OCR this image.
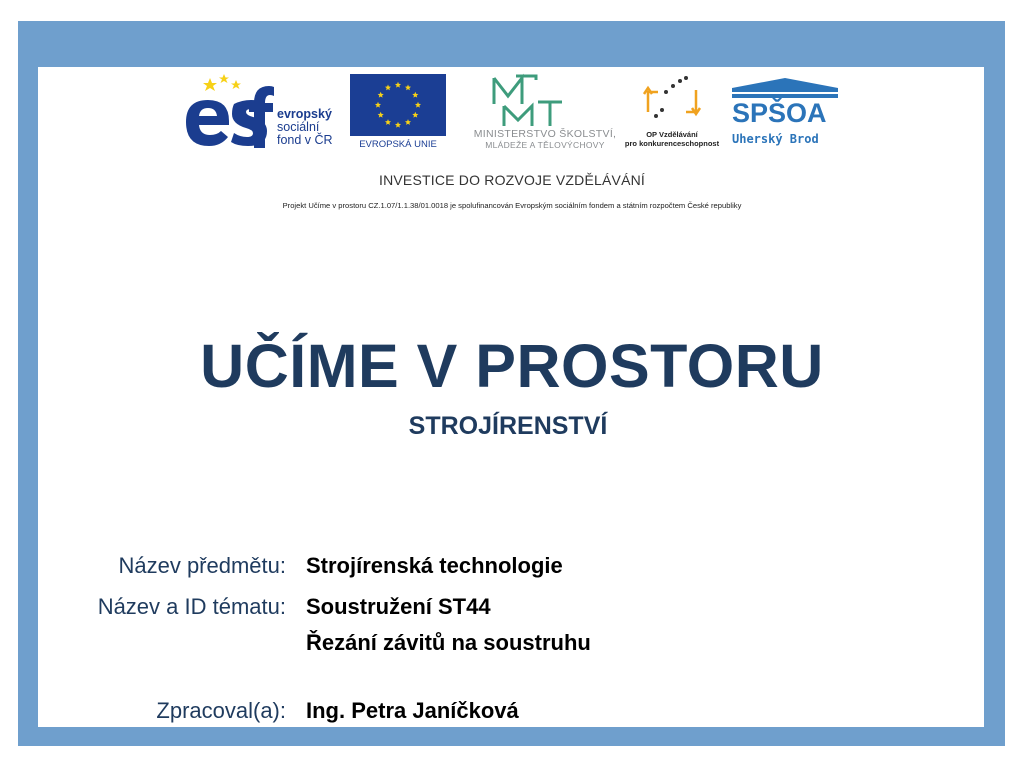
evropský
sociální
fond v ČR	EVROPSKÁ UNIE
MINISTERSTVO ŠKOLSTVÍ,
MLÁDEŽE A TĚLOVÝCHOVY
OP Vzdělávání
pro konkurenceschopnost
SPŠOA
Uherský Brod
INVESTICE DO ROZVOJE VZDĚLÁVÁNÍ
Projekt Učíme v prostoru CZ.1.07/1.1.38/01.0018 je spolufinancován Evropským sociálním fondem a státním rozpočtem České republiky
UČÍME V PROSTORU
STROJÍRENSTVÍ
Název předmětu: Strojírenská technologie
Název a ID tématu: Soustružení ST44
Řezání závitů na soustruhu
Zpracoval(a): Ing. Petra Janíčková
